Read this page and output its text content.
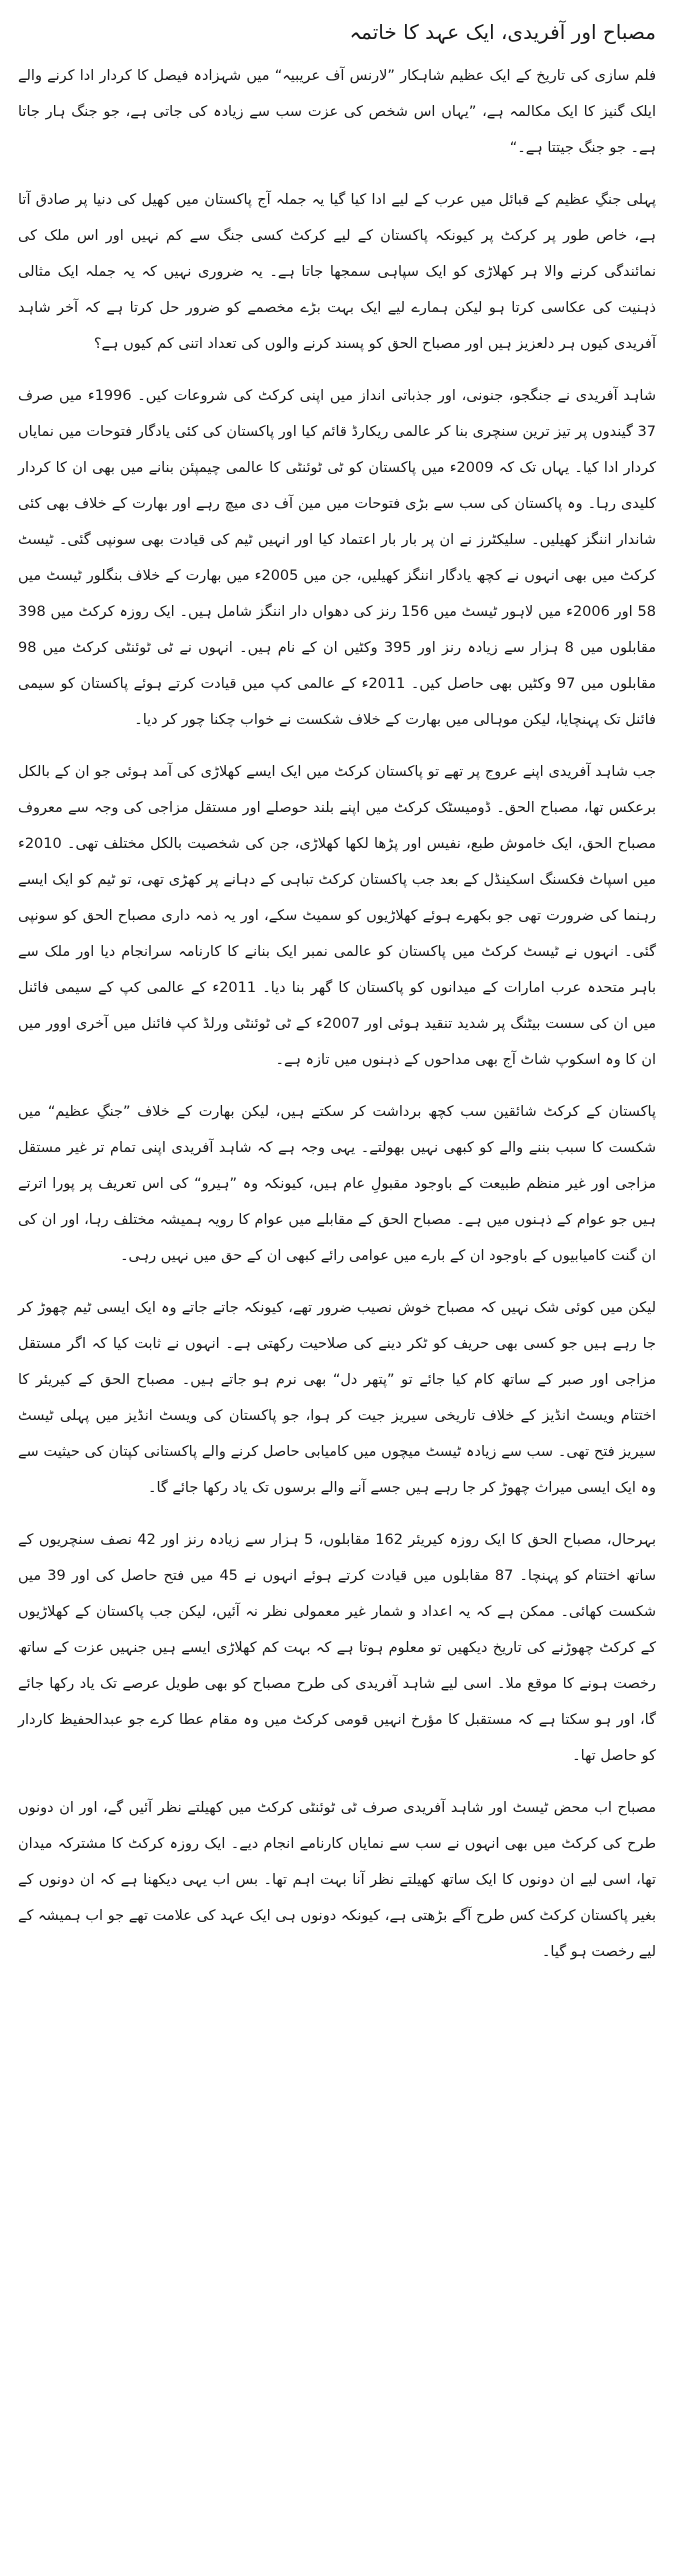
مصباح اور آفریدی، ایک عہد کا خاتمہ

فلم سازی کی تاریخ کے ایک عظیم شاہکار ”لارنس آف عریبیہ“ میں شہزادہ فیصل کا کردار ادا کرنے والے ایلک گنیز کا ایک مکالمہ ہے، ”یہاں اس شخص کی عزت سب سے زیادہ کی جاتی ہے، جو جنگ ہار جاتا ہے۔ جو جنگ جیتتا ہے۔“

پہلی جنگِ عظیم کے قبائل میں عرب کے لیے ادا کیا گیا یہ جملہ آج پاکستان میں کھیل کی دنیا پر صادق آتا ہے، خاص طور پر کرکٹ پر کیونکہ پاکستان کے لیے کرکٹ کسی جنگ سے کم نہیں اور اس ملک کی نمائندگی کرنے والا ہر کھلاڑی کو ایک سپاہی سمجھا جاتا ہے۔ یہ ضروری نہیں کہ یہ جملہ ایک مثالی ذہنیت کی عکاسی کرتا ہو لیکن ہمارے لیے ایک بہت بڑے مخصمے کو ضرور حل کرتا ہے کہ آخر شاہد آفریدی کیوں ہر دلعزیز ہیں اور مصباح الحق کو پسند کرنے والوں کی تعداد اتنی کم کیوں ہے؟

شاہد آفریدی نے جنگجو، جنونی، اور جذباتی انداز میں اپنی کرکٹ کی شروعات کیں۔ 1996ء میں صرف 37 گیندوں پر تیز ترین سنچری بنا کر عالمی ریکارڈ قائم کیا اور پاکستان کی کئی یادگار فتوحات میں نمایاں کردار ادا کیا۔ یہاں تک کہ 2009ء میں پاکستان کو ٹی ٹوئنٹی کا عالمی چیمپئن بنانے میں بھی ان کا کردار کلیدی رہا۔ وہ پاکستان کی سب سے بڑی فتوحات میں مین آف دی میچ رہے اور بھارت کے خلاف بھی کئی شاندار اننگز کھیلیں۔ سلیکٹرز نے ان پر بار بار اعتماد کیا اور انہیں ٹیم کی قیادت بھی سونپی گئی۔ ٹیسٹ کرکٹ میں بھی انہوں نے کچھ یادگار اننگز کھیلیں، جن میں 2005ء میں بھارت کے خلاف بنگلور ٹیسٹ میں 58 اور 2006ء میں لاہور ٹیسٹ میں 156 رنز کی دھواں دار اننگز شامل ہیں۔ ایک روزہ کرکٹ میں 398 مقابلوں میں 8 ہزار سے زیادہ رنز اور 395 وکٹیں ان کے نام ہیں۔ انہوں نے ٹی ٹوئنٹی کرکٹ میں 98 مقابلوں میں 97 وکٹیں بھی حاصل کیں۔ 2011ء کے عالمی کپ میں قیادت کرتے ہوئے پاکستان کو سیمی فائنل تک پہنچایا، لیکن موہالی میں بھارت کے خلاف شکست نے خواب چکنا چور کر دیا۔

جب شاہد آفریدی اپنے عروج پر تھے تو پاکستان کرکٹ میں ایک ایسے کھلاڑی کی آمد ہوئی جو ان کے بالکل برعکس تھا، مصباح الحق۔ ڈومیسٹک کرکٹ میں اپنے بلند حوصلے اور مستقل مزاجی کی وجہ سے معروف مصباح الحق، ایک خاموش طبع، نفیس اور پڑھا لکھا کھلاڑی، جن کی شخصیت بالکل مختلف تھی۔ 2010ء میں اسپاٹ فکسنگ اسکینڈل کے بعد جب پاکستان کرکٹ تباہی کے دہانے پر کھڑی تھی، تو ٹیم کو ایک ایسے رہنما کی ضرورت تھی جو بکھرے ہوئے کھلاڑیوں کو سمیٹ سکے، اور یہ ذمہ داری مصباح الحق کو سونپی گئی۔ انہوں نے ٹیسٹ کرکٹ میں پاکستان کو عالمی نمبر ایک بنانے کا کارنامہ سرانجام دیا اور ملک سے باہر متحدہ عرب امارات کے میدانوں کو پاکستان کا گھر بنا دیا۔ 2011ء کے عالمی کپ کے سیمی فائنل میں ان کی سست بیٹنگ پر شدید تنقید ہوئی اور 2007ء کے ٹی ٹوئنٹی ورلڈ کپ فائنل میں آخری اوور میں ان کا وہ اسکوپ شاٹ آج بھی مداحوں کے ذہنوں میں تازہ ہے۔

پاکستان کے کرکٹ شائقین سب کچھ برداشت کر سکتے ہیں، لیکن بھارت کے خلاف ”جنگِ عظیم“ میں شکست کا سبب بننے والے کو کبھی نہیں بھولتے۔ یہی وجہ ہے کہ شاہد آفریدی اپنی تمام تر غیر مستقل مزاجی اور غیر منظم طبیعت کے باوجود مقبولِ عام ہیں، کیونکہ وہ ”ہیرو“ کی اس تعریف پر پورا اترتے ہیں جو عوام کے ذہنوں میں ہے۔ مصباح الحق کے مقابلے میں عوام کا رویہ ہمیشہ مختلف رہا، اور ان کی ان گنت کامیابیوں کے باوجود ان کے بارے میں عوامی رائے کبھی ان کے حق میں نہیں رہی۔

لیکن میں کوئی شک نہیں کہ مصباح خوش نصیب ضرور تھے، کیونکہ جاتے جاتے وہ ایک ایسی ٹیم چھوڑ کر جا رہے ہیں جو کسی بھی حریف کو ٹکر دینے کی صلاحیت رکھتی ہے۔ انہوں نے ثابت کیا کہ اگر مستقل مزاجی اور صبر کے ساتھ کام کیا جائے تو ”پتھر دل“ بھی نرم ہو جاتے ہیں۔ مصباح الحق کے کیریئر کا اختتام ویسٹ انڈیز کے خلاف تاریخی سیریز جیت کر ہوا، جو پاکستان کی ویسٹ انڈیز میں پہلی ٹیسٹ سیریز فتح تھی۔ سب سے زیادہ ٹیسٹ میچوں میں کامیابی حاصل کرنے والے پاکستانی کپتان کی حیثیت سے وہ ایک ایسی میراث چھوڑ کر جا رہے ہیں جسے آنے والے برسوں تک یاد رکھا جائے گا۔

بہرحال، مصباح الحق کا ایک روزہ کیریئر 162 مقابلوں، 5 ہزار سے زیادہ رنز اور 42 نصف سنچریوں کے ساتھ اختتام کو پہنچا۔ 87 مقابلوں میں قیادت کرتے ہوئے انہوں نے 45 میں فتح حاصل کی اور 39 میں شکست کھائی۔ ممکن ہے کہ یہ اعداد و شمار غیر معمولی نظر نہ آئیں، لیکن جب پاکستان کے کھلاڑیوں کے کرکٹ چھوڑنے کی تاریخ دیکھیں تو معلوم ہوتا ہے کہ بہت کم کھلاڑی ایسے ہیں جنہیں عزت کے ساتھ رخصت ہونے کا موقع ملا۔ اسی لیے شاہد آفریدی کی طرح مصباح کو بھی طویل عرصے تک یاد رکھا جائے گا، اور ہو سکتا ہے کہ مستقبل کا مؤرخ انہیں قومی کرکٹ میں وہ مقام عطا کرے جو عبدالحفیظ کاردار کو حاصل تھا۔

مصباح اب محض ٹیسٹ اور شاہد آفریدی صرف ٹی ٹوئنٹی کرکٹ میں کھیلتے نظر آئیں گے، اور ان دونوں طرح کی کرکٹ میں بھی انہوں نے سب سے نمایاں کارنامے انجام دیے۔ ایک روزہ کرکٹ کا مشترکہ میدان تھا، اسی لیے ان دونوں کا ایک ساتھ کھیلتے نظر آنا بہت اہم تھا۔ بس اب یہی دیکھنا ہے کہ ان دونوں کے بغیر پاکستان کرکٹ کس طرح آگے بڑھتی ہے، کیونکہ دونوں ہی ایک عہد کی علامت تھے جو اب ہمیشہ کے لیے رخصت ہو گیا۔
